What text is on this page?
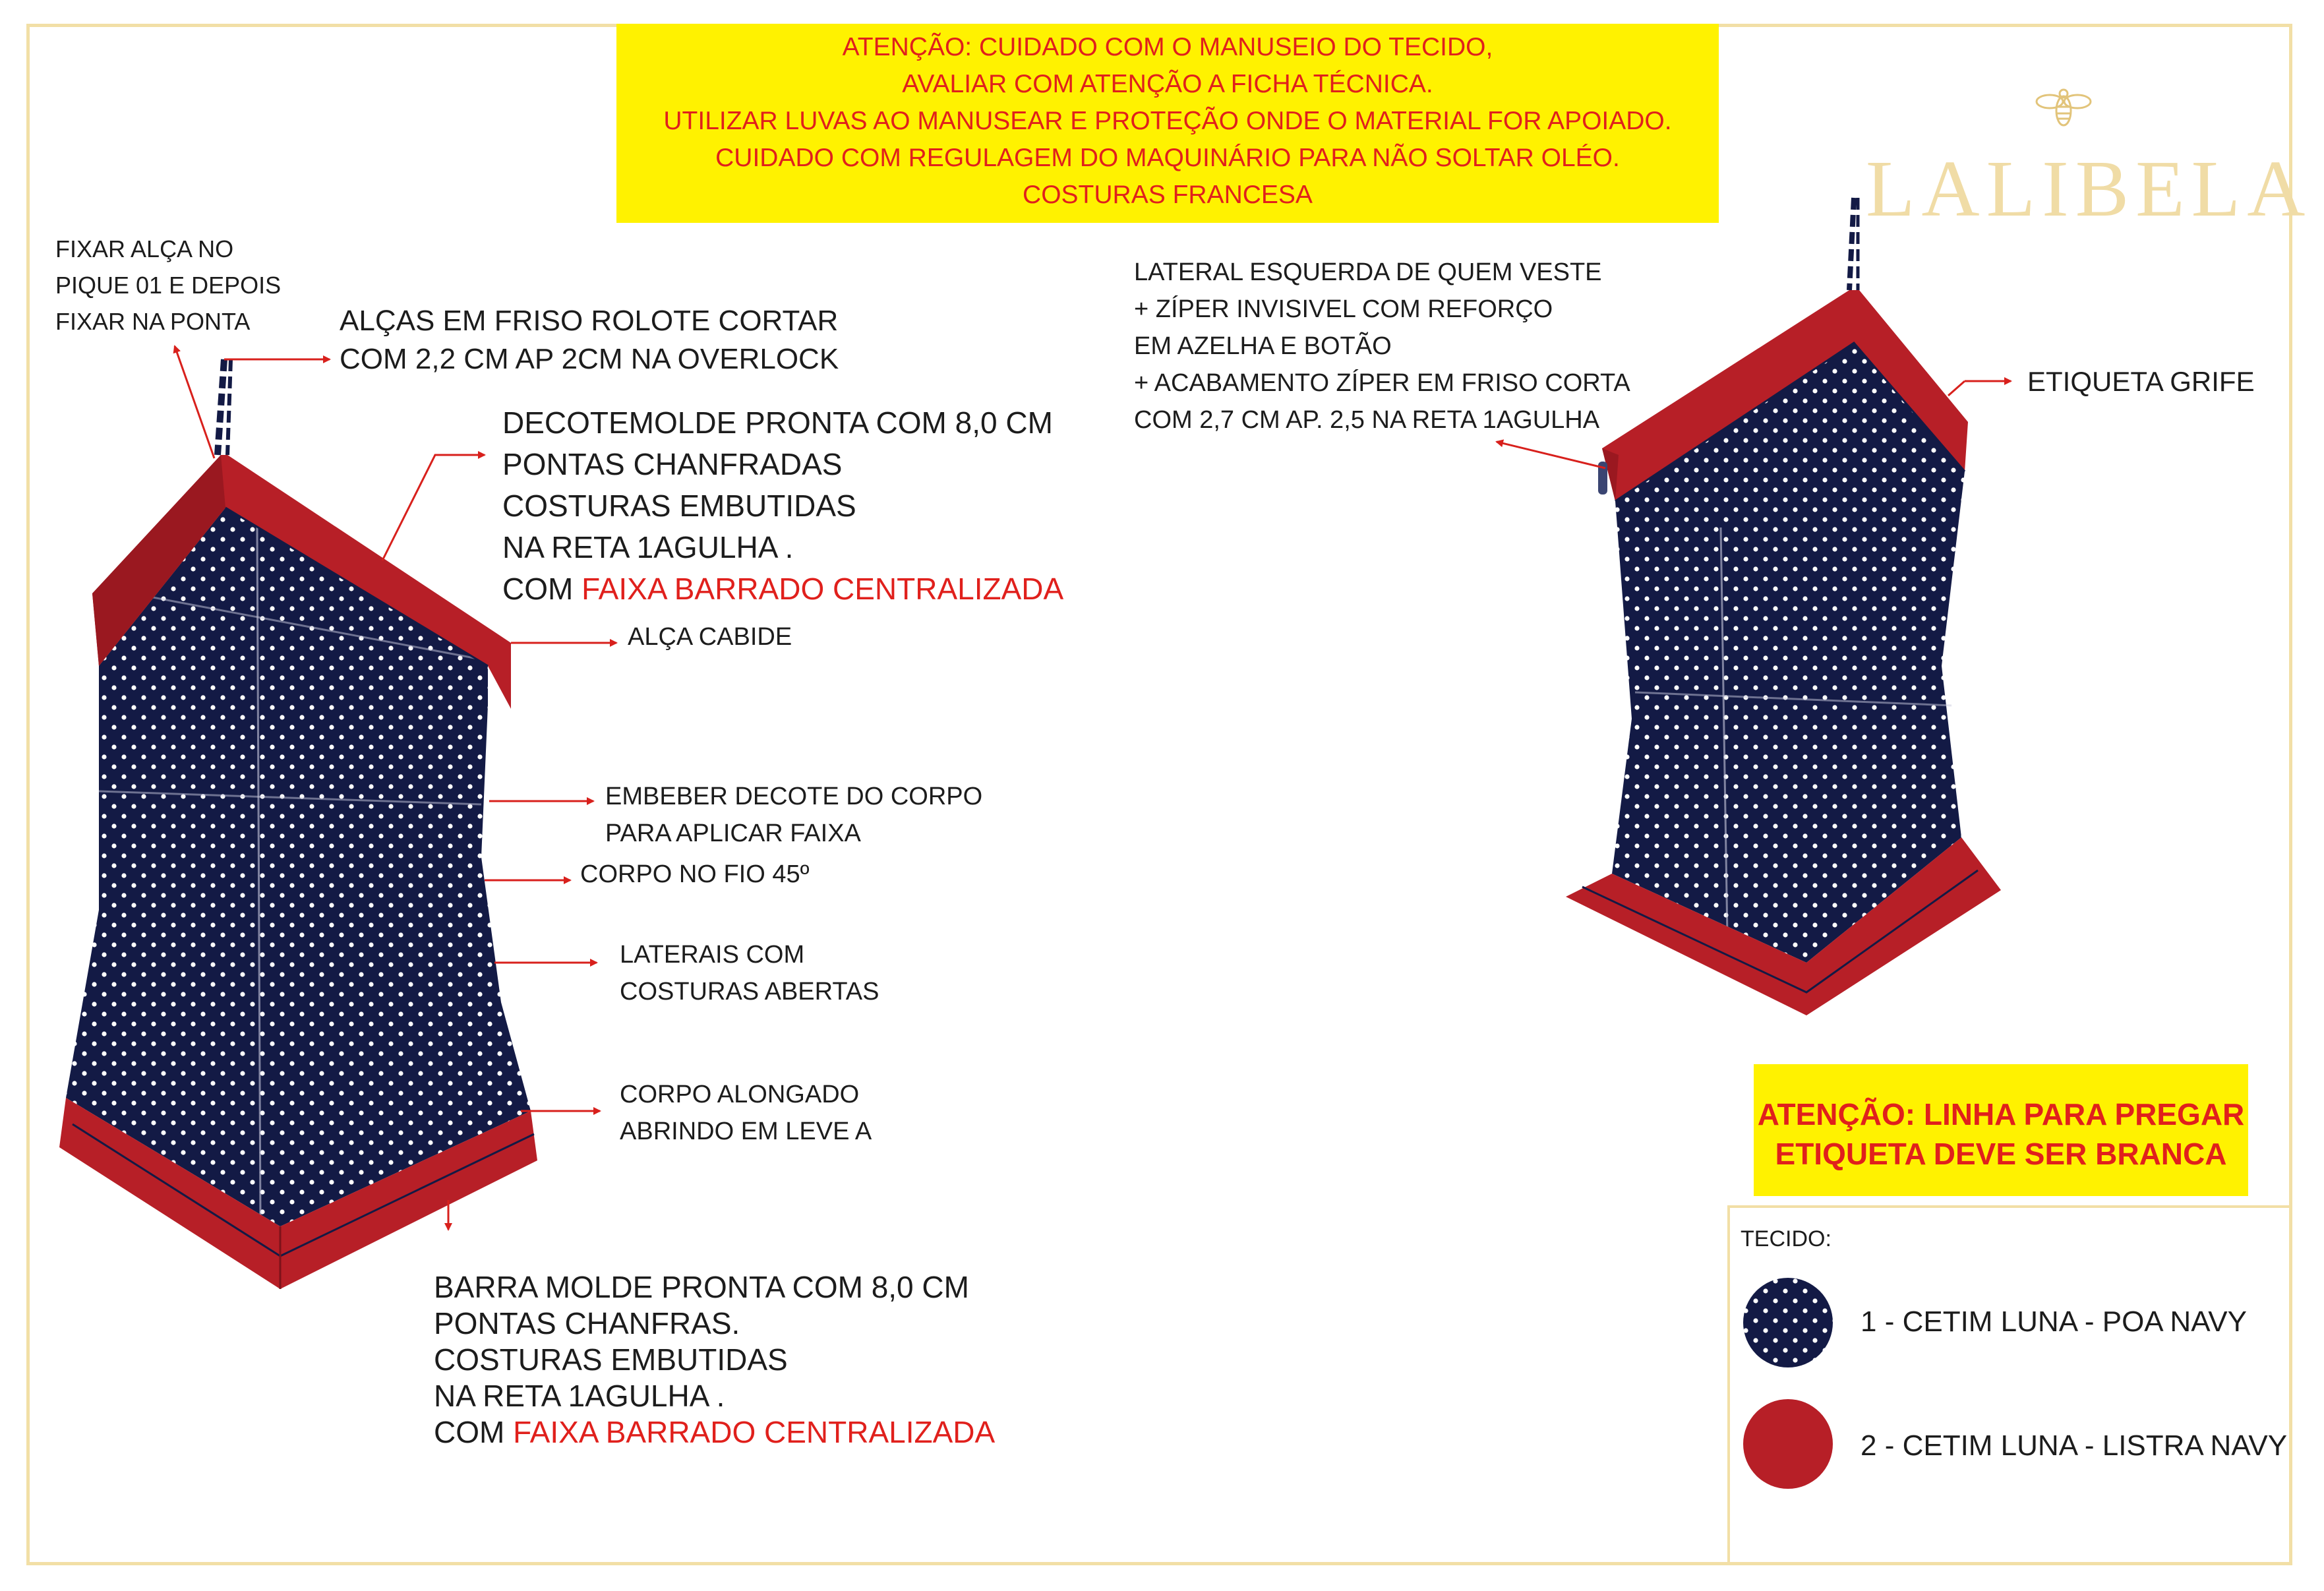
ATENÇÃO: CUIDADO COM O MANUSEIO DO TECIDO,
AVALIAR COM ATENÇÃO A FICHA TÉCNICA.
UTILIZAR LUVAS AO MANUSEAR E PROTEÇÃO ONDE O MATERIAL FOR APOIADO.
CUIDADO COM REGULAGEM DO MAQUINÁRIO PARA NÃO SOLTAR OLÉO.
COSTURAS FRANCESA	LALIBELA
FIXAR ALÇA NO
PIQUE 01 E DEPOIS
FIXAR NA PONTA	ALÇAS EM FRISO ROLOTE CORTAR
COM 2,2 CM AP 2CM NA OVERLOCK
DECOTEMOLDE PRONTA COM 8,0 CM
PONTAS CHANFRADAS
COSTURAS EMBUTIDAS
NA RETA 1AGULHA .
COM FAIXA BARRADO CENTRALIZADA
ALÇA CABIDE
EMBEBER DECOTE DO CORPO
PARA APLICAR FAIXA
CORPO NO FIO 45º
LATERAIS COM
COSTURAS ABERTAS
CORPO ALONGADO
ABRINDO EM LEVE A
BARRA MOLDE PRONTA COM 8,0 CM
PONTAS CHANFRAS.
COSTURAS EMBUTIDAS
NA RETA 1AGULHA .
COM FAIXA BARRADO CENTRALIZADA
LATERAL ESQUERDA DE QUEM VESTE
+ ZÍPER INVISIVEL COM REFORÇO
EM AZELHA E BOTÃO
+ ACABAMENTO ZÍPER EM FRISO CORTA
COM 2,7 CM AP. 2,5 NA RETA 1AGULHA
ETIQUETA GRIFE
ATENÇÃO: LINHA PARA PREGAR
ETIQUETA DEVE SER BRANCA
TECIDO:
1 - CETIM LUNA - POA NAVY
2 - CETIM LUNA - LISTRA NAVY
